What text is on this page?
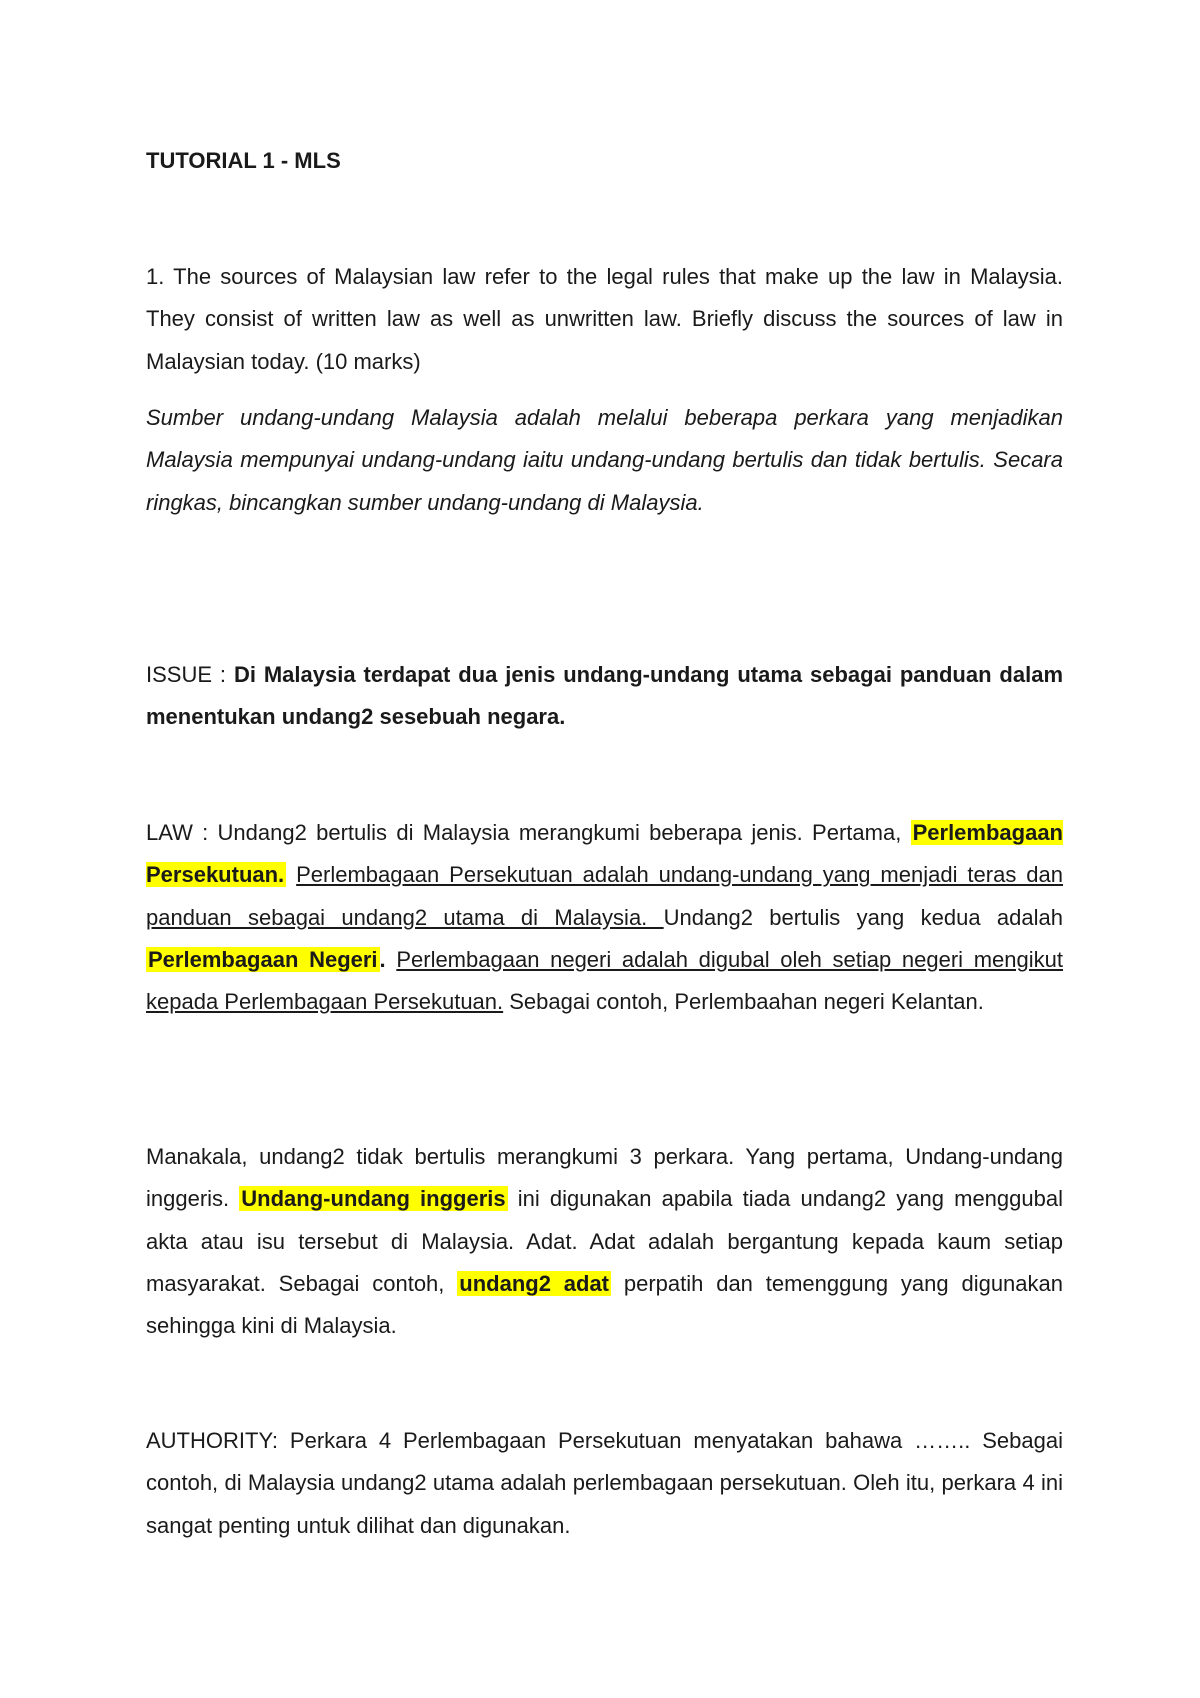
TUTORIAL 1 - MLS
1. The sources of Malaysian law refer to the legal rules that make up the law in Malaysia. They consist of written law as well as unwritten law. Briefly discuss the sources of law in Malaysian today. (10 marks)
Sumber undang-undang Malaysia adalah melalui beberapa perkara yang menjadikan Malaysia mempunyai undang-undang iaitu undang-undang bertulis dan tidak bertulis. Secara ringkas, bincangkan sumber undang-undang di Malaysia.
ISSUE : Di Malaysia terdapat dua jenis undang-undang utama sebagai panduan dalam menentukan undang2 sesebuah negara.
LAW : Undang2 bertulis di Malaysia merangkumi beberapa jenis. Pertama, Perlembagaan Persekutuan. Perlembagaan Persekutuan adalah undang-undang yang menjadi teras dan panduan sebagai undang2 utama di Malaysia. Undang2 bertulis yang kedua adalah Perlembagaan Negeri. Perlembagaan negeri adalah digubal oleh setiap negeri mengikut kepada Perlembagaan Persekutuan. Sebagai contoh, Perlembaahan negeri Kelantan.
Manakala, undang2 tidak bertulis merangkumi 3 perkara. Yang pertama, Undang-undang inggeris. Undang-undang inggeris ini digunakan apabila tiada undang2 yang menggubal akta atau isu tersebut di Malaysia. Adat. Adat adalah bergantung kepada kaum setiap masyarakat. Sebagai contoh, undang2 adat perpatih dan temenggung yang digunakan sehingga kini di Malaysia.
AUTHORITY: Perkara 4 Perlembagaan Persekutuan menyatakan bahawa …….. Sebagai contoh, di Malaysia undang2 utama adalah perlembagaan persekutuan. Oleh itu, perkara 4 ini sangat penting untuk dilihat dan digunakan.
